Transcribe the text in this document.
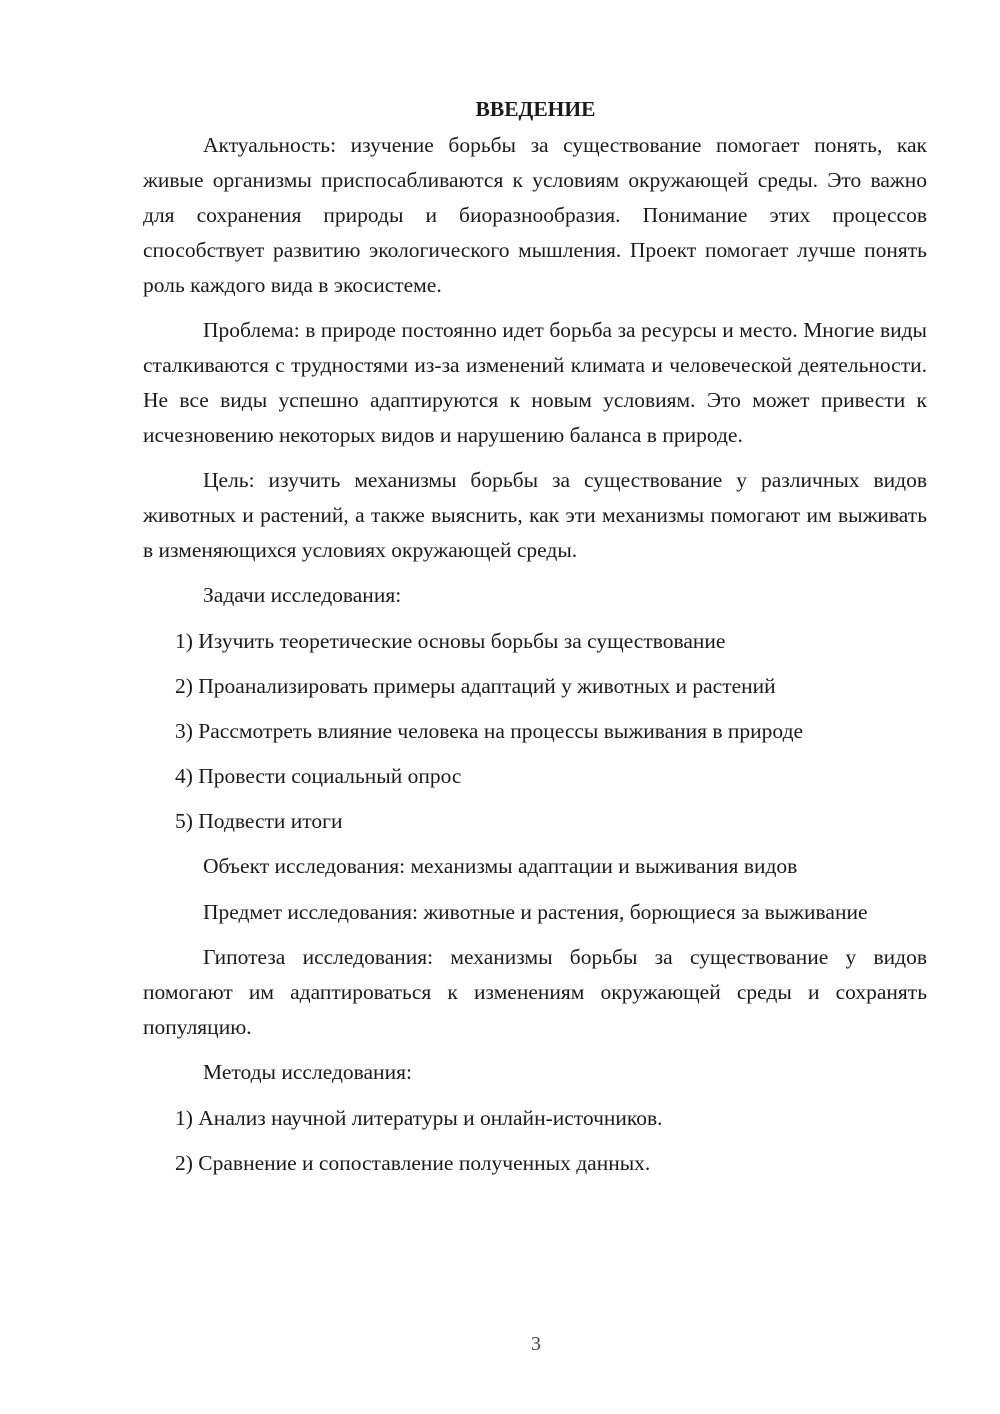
ВВЕДЕНИЕ

Актуальность: изучение борьбы за существование помогает понять, как живые организмы приспосабливаются к условиям окружающей среды. Это важно для сохранения природы и биоразнообразия. Понимание этих процессов способствует развитию экологического мышления. Проект помогает лучше понять роль каждого вида в экосистеме.

Проблема: в природе постоянно идет борьба за ресурсы и место. Многие виды сталкиваются с трудностями из-за изменений климата и человеческой деятельности. Не все виды успешно адаптируются к новым условиям. Это может привести к исчезновению некоторых видов и нарушению баланса в природе.

Цель: изучить механизмы борьбы за существование у различных видов животных и растений, а также выяснить, как эти механизмы помогают им выживать в изменяющихся условиях окружающей среды.

Задачи исследования:
1) Изучить теоретические основы борьбы за существование
2) Проанализировать примеры адаптаций у животных и растений
3) Рассмотреть влияние человека на процессы выживания в природе
4) Провести социальный опрос
5) Подвести итоги
Объект исследования: механизмы адаптации и выживания видов

Предмет исследования: животные и растения, борющиеся за выживание

Гипотеза исследования: механизмы борьбы за существование у видов помогают им адаптироваться к изменениям окружающей среды и сохранять популяцию.

Методы исследования:
1) Анализ научной литературы и онлайн-источников.
2) Сравнение и сопоставление полученных данных.
3
